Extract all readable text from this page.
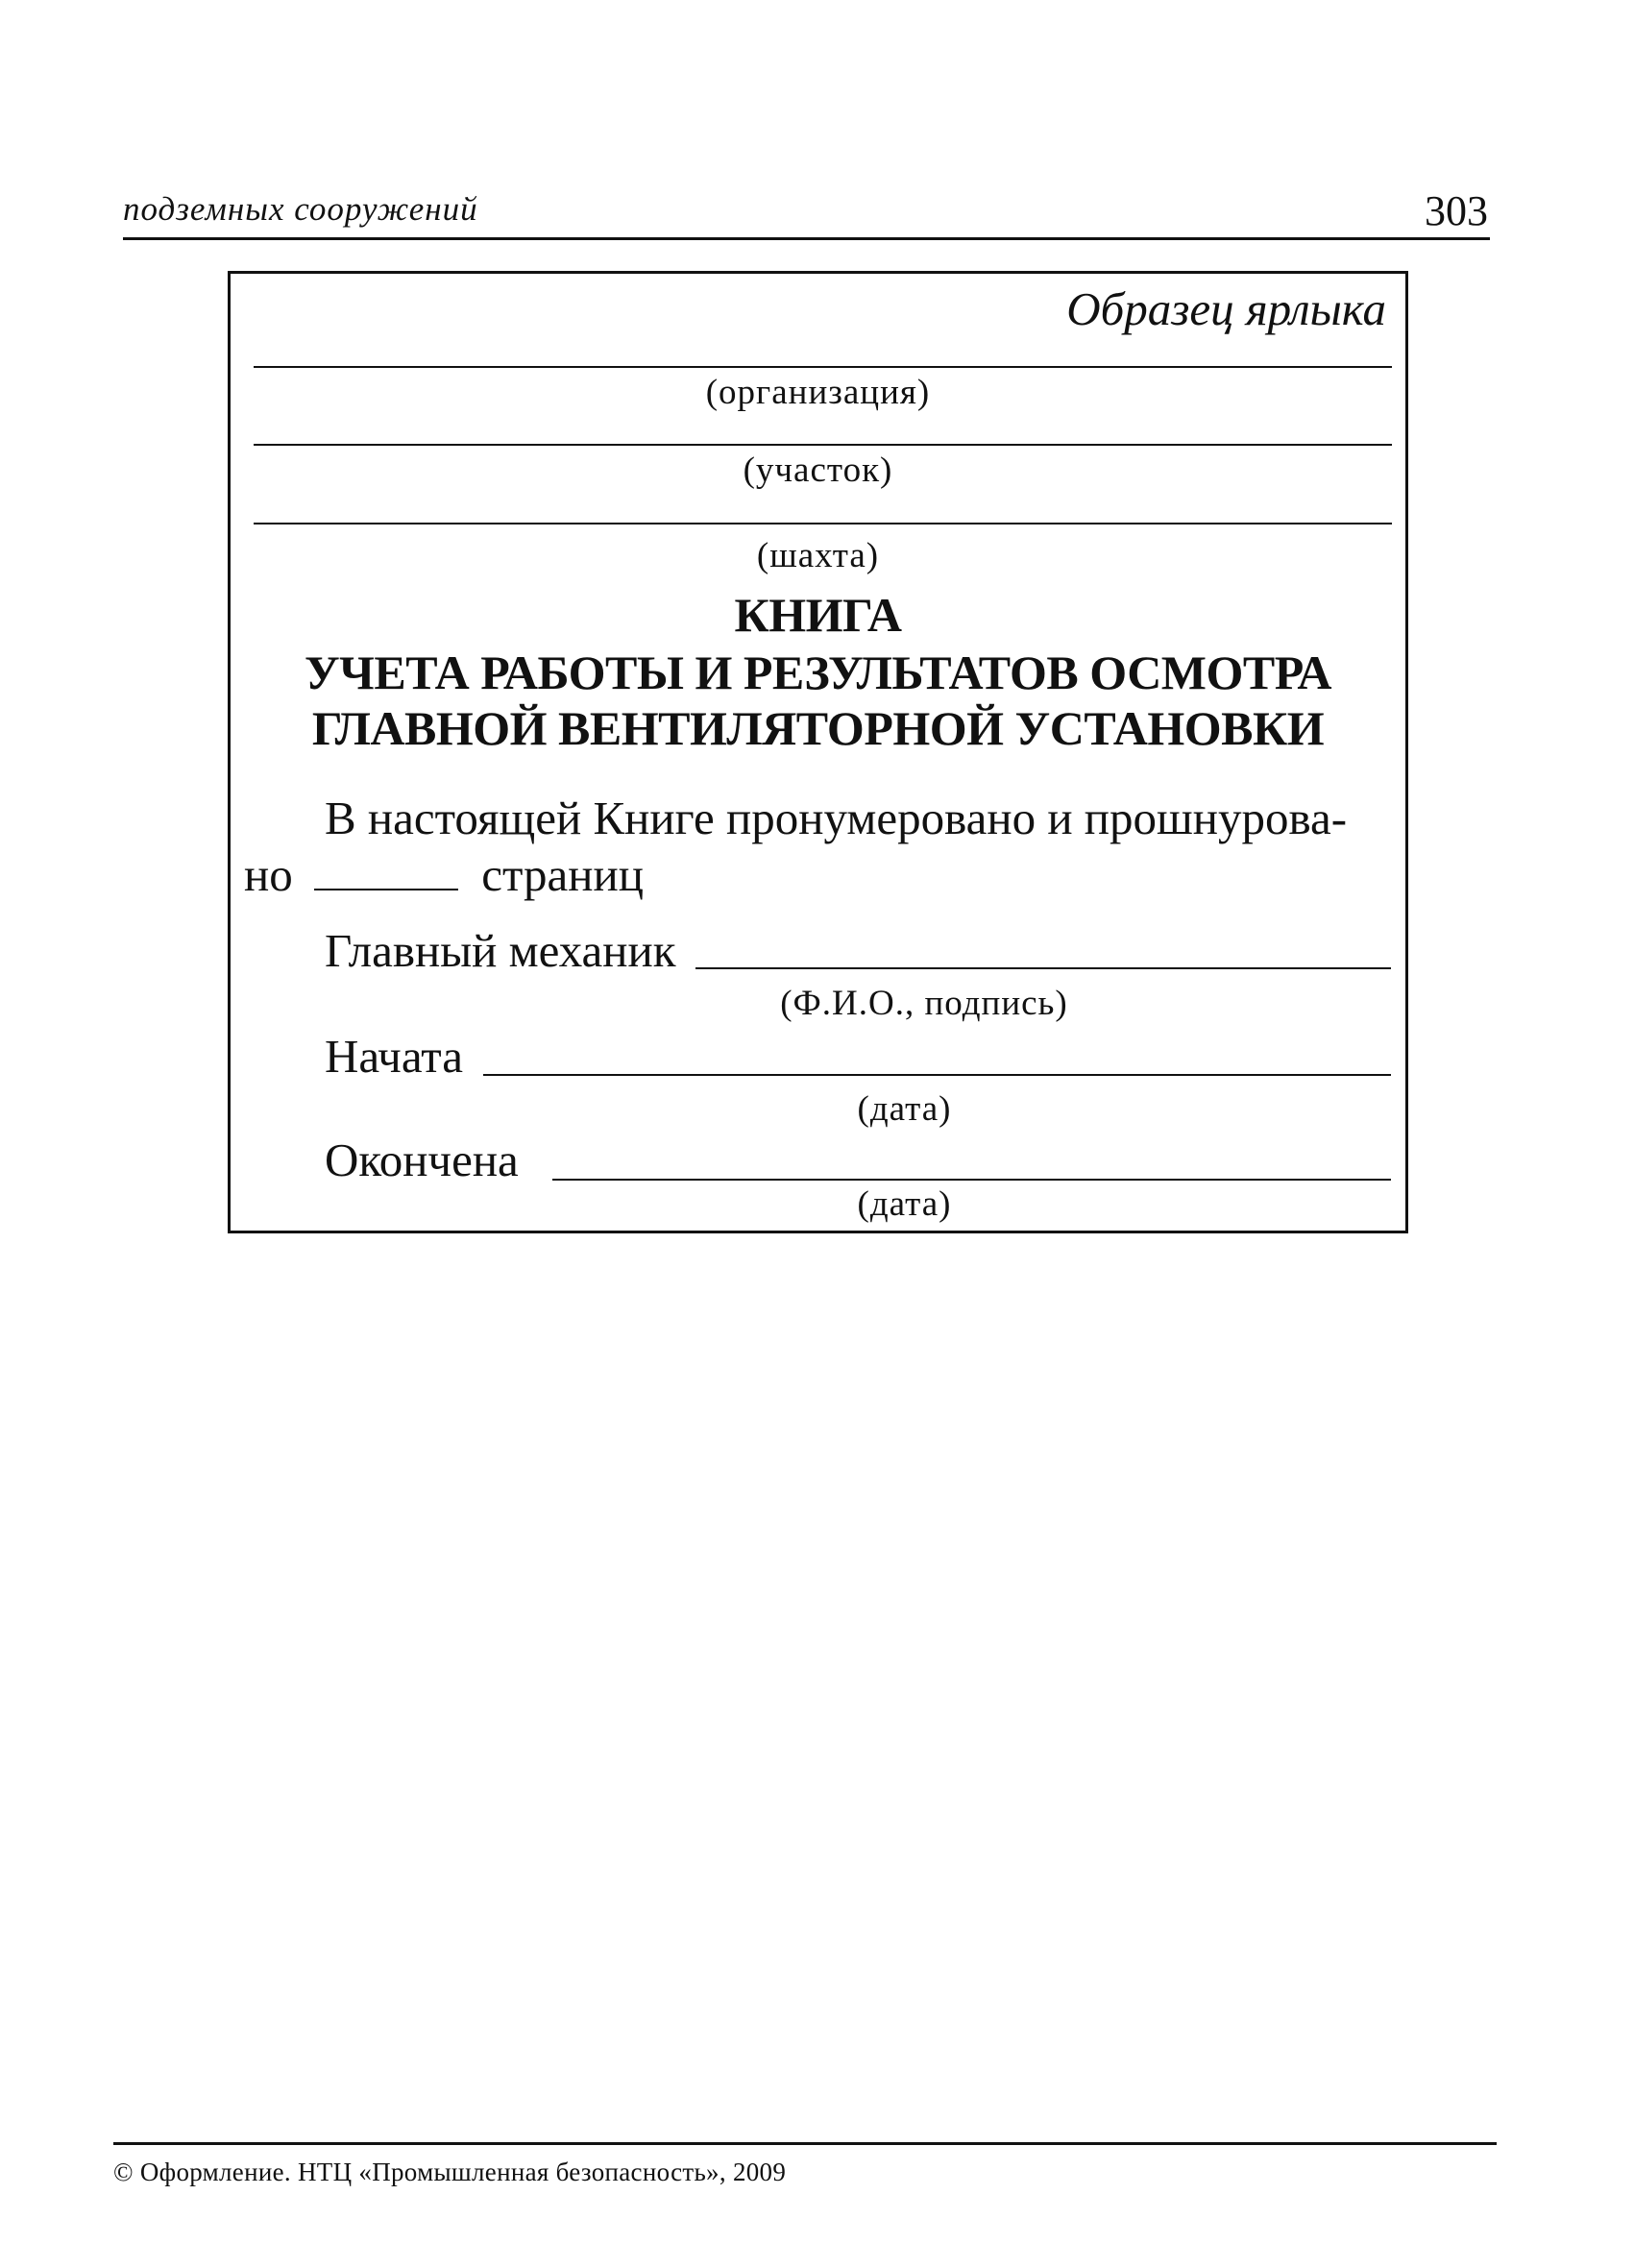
подземных сооружений	303
Образец ярлыка
(организация)
(участок)
(шахта)
КНИГА
УЧЕТА РАБОТЫ И РЕЗУЛЬТАТОВ ОСМОТРА
ГЛАВНОЙ ВЕНТИЛЯТОРНОЙ УСТАНОВКИ
В настоящей Книге пронумеровано и прошнурова-
но	страниц
Главный механик
(Ф.И.О., подпись)
Начата
(дата)
Окончена
(дата)
© Оформление. НТЦ «Промышленная безопасность», 2009
